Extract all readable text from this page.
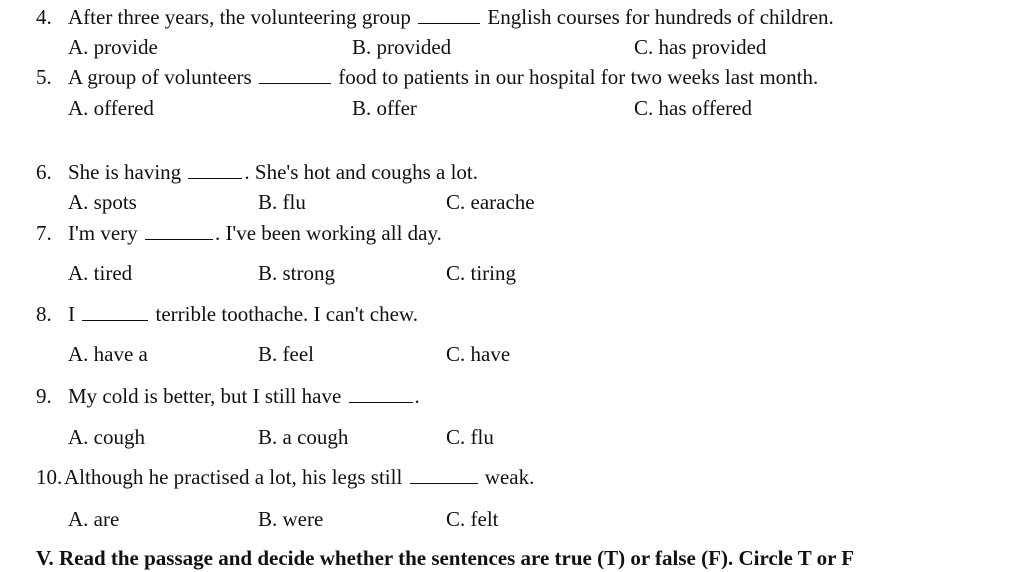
4. After three years, the volunteering group	English courses for hundreds of children.
A. provide	B. provided	C. has provided
5. A group of volunteers	food to patients in our hospital for two weeks last month.
A. offered	B. offer	C. has offered
6. She is having	. She's hot and coughs a lot.
A. spots	B. flu	C. earache
7. I'm very	. I've been working all day.
A. tired	B. strong	C. tiring
8. I	terrible toothache. I can't chew.
A. have a	B. feel	C. have
9. My cold is better, but I still have	.
A. cough	B. a cough	C. flu
10. Although he practised a lot, his legs still	weak.
A. are	B. were	C. felt
V. Read the passage and decide whether the sentences are true (T) or false (F). Circle T or F
